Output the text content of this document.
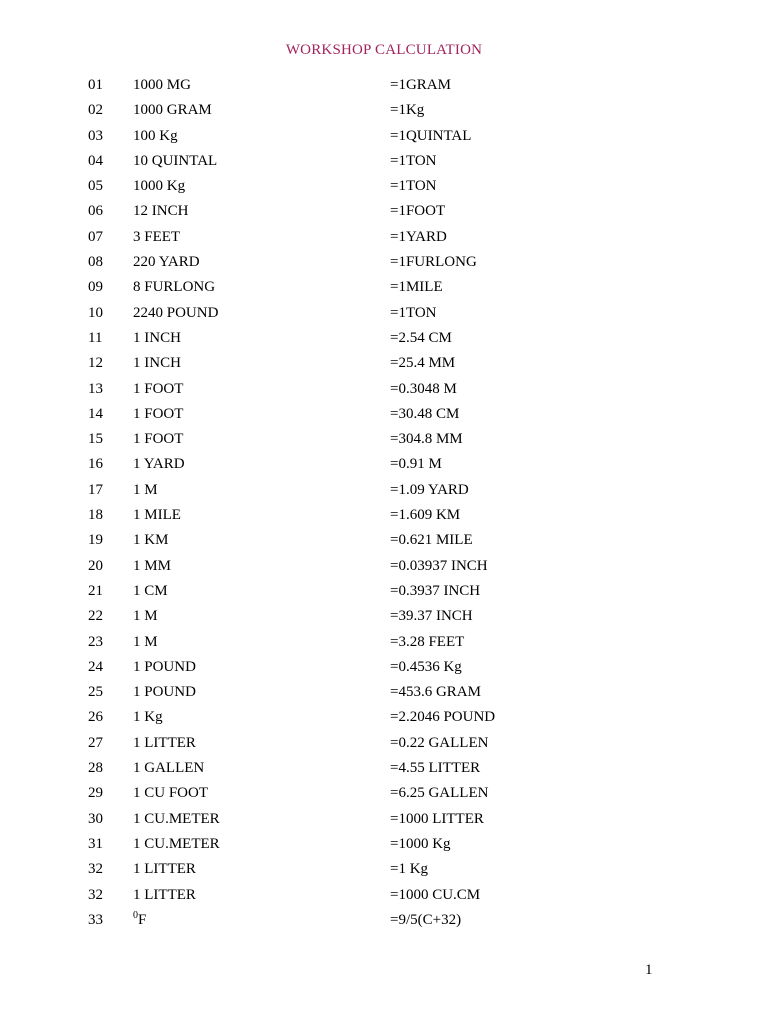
WORKSHOP CALCULATION
01 1000 MG	=1GRAM
02 1000 GRAM	=1Kg
03 100 Kg	=1QUINTAL
04 10 QUINTAL	=1TON
05 1000 Kg	=1TON
06 12 INCH	=1FOOT
07 3 FEET	=1YARD
08 220 YARD	=1FURLONG
09 8 FURLONG	=1MILE
10 2240 POUND	=1TON
11 1 INCH	=2.54 CM
12 1 INCH	=25.4 MM
13 1 FOOT	=0.3048 M
14 1 FOOT	=30.48 CM
15 1 FOOT	=304.8 MM
16 1 YARD	=0.91 M
17 1 M	=1.09 YARD
18 1 MILE	=1.609 KM
19 1 KM	=0.621 MILE
20 1 MM	=0.03937 INCH
21 1 CM	=0.3937 INCH
22 1 M	=39.37 INCH
23 1 M	=3.28 FEET
24 1 POUND	=0.4536 Kg
25 1 POUND	=453.6 GRAM
26 1 Kg	=2.2046 POUND
27 1 LITTER	=0.22 GALLEN
28 1 GALLEN	=4.55 LITTER
29 1 CU FOOT	=6.25 GALLEN
30 1 CU.METER	=1000 LITTER
31 1 CU.METER	=1000 Kg
32 1 LITTER	=1 Kg
32 1 LITTER	=1000 CU.CM
33	$^0$F	=9/5(C+32)
1
